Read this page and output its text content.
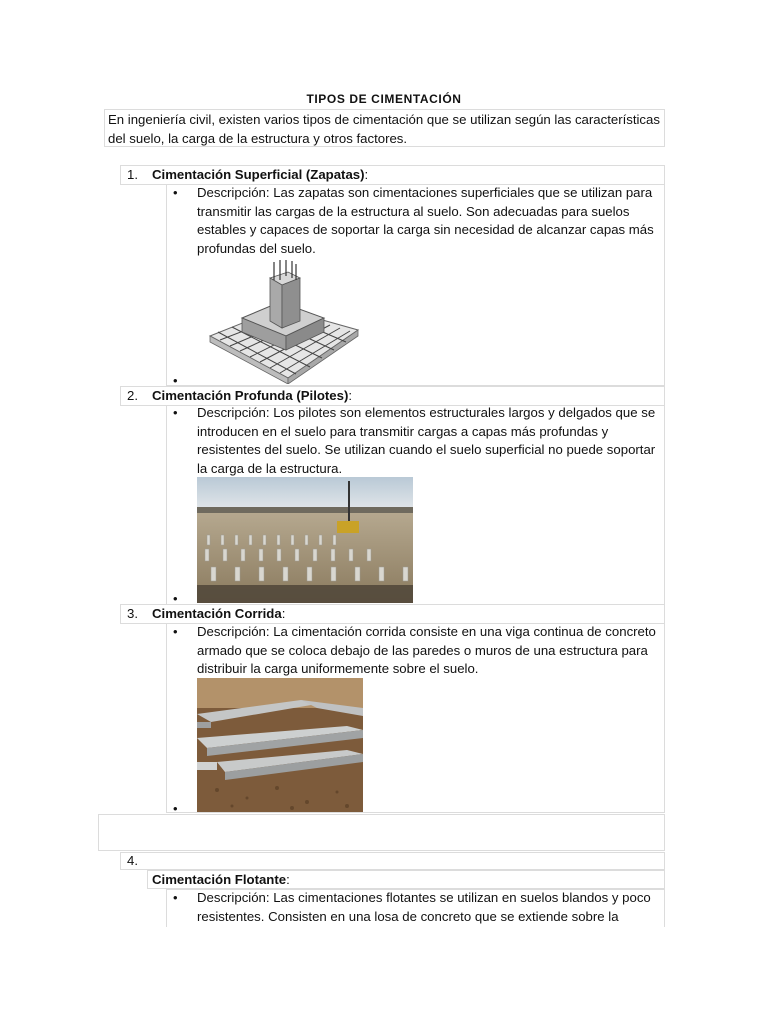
TIPOS DE CIMENTACIÓN
En ingeniería civil, existen varios tipos de cimentación que se utilizan según las características del suelo, la carga de la estructura y otros factores.
1. Cimentación Superficial (Zapatas):
•
Descripción: Las zapatas son cimentaciones superficiales que se utilizan para transmitir las cargas de la estructura al suelo. Son adecuadas para suelos estables y capaces de soportar la carga sin necesidad de alcanzar capas más profundas del suelo.
•
2. Cimentación Profunda (Pilotes):
•
Descripción: Los pilotes son elementos estructurales largos y delgados que se introducen en el suelo para transmitir cargas a capas más profundas y resistentes del suelo. Se utilizan cuando el suelo superficial no puede soportar la carga de la estructura.
•
3. Cimentación Corrida:
•
Descripción: La cimentación corrida consiste en una viga continua de concreto armado que se coloca debajo de las paredes o muros de una estructura para distribuir la carga uniformemente sobre el suelo.
•
4.
Cimentación Flotante:
•
Descripción: Las cimentaciones flotantes se utilizan en suelos blandos y poco resistentes. Consisten en una losa de concreto que se extiende sobre la
